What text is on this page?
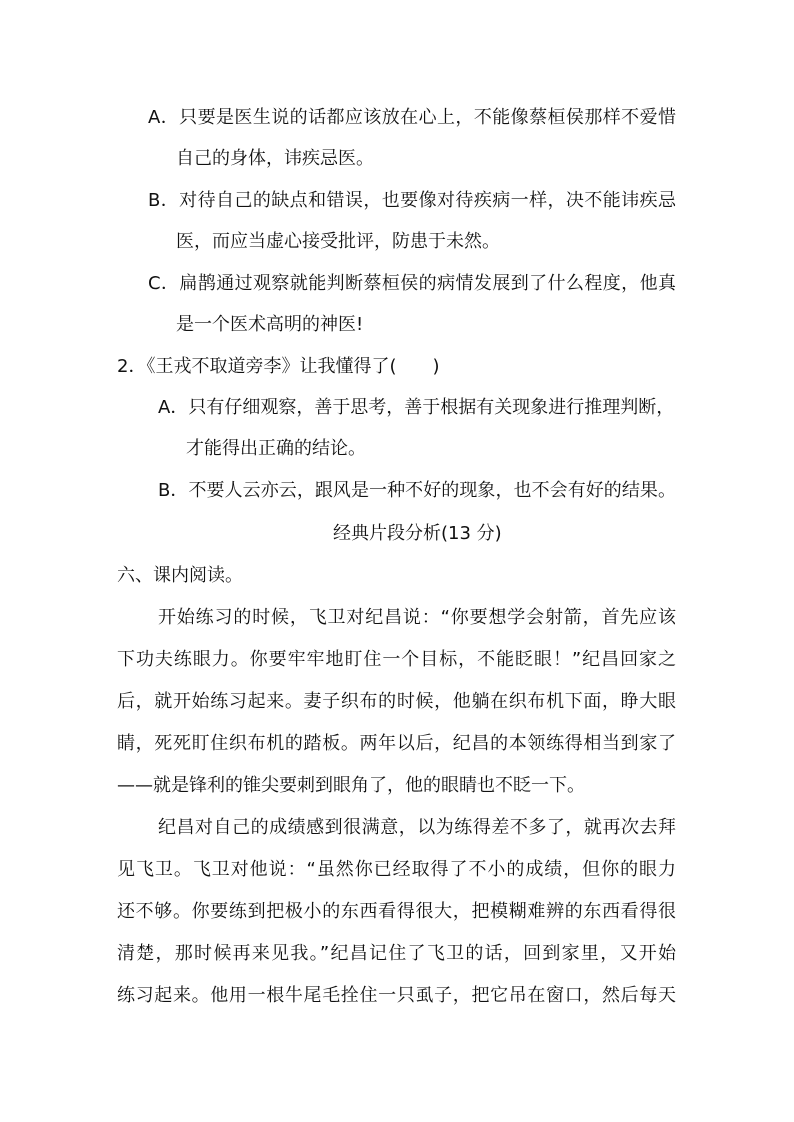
A．只要是医生说的话都应该放在心上，不能像蔡桓侯那样不爱惜
自己的身体，讳疾忌医。
B．对待自己的缺点和错误，也要像对待疾病一样，决不能讳疾忌
医，而应当虚心接受批评，防患于未然。
C．扁鹊通过观察就能判断蔡桓侯的病情发展到了什么程度，他真
是一个医术高明的神医!
2．《王戎不取道旁李》让我懂得了(　　)
A．只有仔细观察，善于思考，善于根据有关现象进行推理判断，
才能得出正确的结论。
B．不要人云亦云，跟风是一种不好的现象，也不会有好的结果。
经典片段分析(13 分)
六、课内阅读。
开始练习的时候，飞卫对纪昌说：“你要想学会射箭，首先应该
下功夫练眼力。你要牢牢地盯住一个目标，不能眨眼！”纪昌回家之
后，就开始练习起来。妻子织布的时候，他躺在织布机下面，睁大眼
睛，死死盯住织布机的踏板。两年以后，纪昌的本领练得相当到家了
——就是锋利的锥尖要刺到眼角了，他的眼睛也不眨一下。
纪昌对自己的成绩感到很满意，以为练得差不多了，就再次去拜
见飞卫。飞卫对他说：“虽然你已经取得了不小的成绩，但你的眼力
还不够。你要练到把极小的东西看得很大，把模糊难辨的东西看得很
清楚，那时候再来见我。”纪昌记住了飞卫的话，回到家里，又开始
练习起来。他用一根牛尾毛拴住一只虱子，把它吊在窗口，然后每天
